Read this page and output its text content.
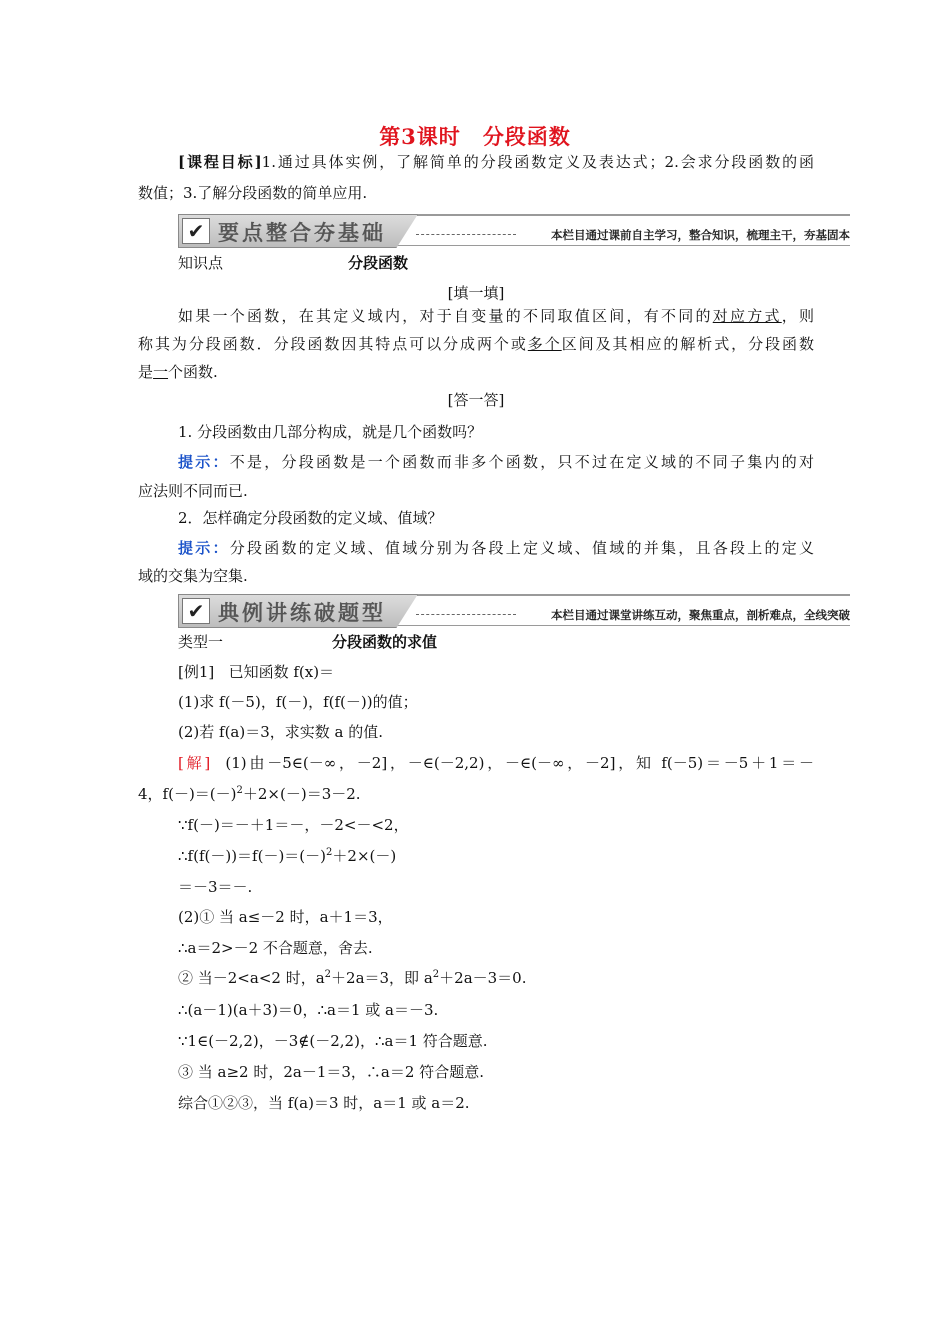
第3课时 分段函数
[课程目标]1.通过具体实例，了解简单的分段函数定义及表达式；2.会求分段函数的函
数值；3.了解分段函数的简单应用.
✔ 要点整合夯基础	本栏目通过课前自主学习，整合知识，梳理主干，夯基固本
知识点	分段函数
[填一填]
如果一个函数，在其定义域内，对于自变量的不同取值区间，有不同的对应方式，则
称其为分段函数．分段函数因其特点可以分成两个或多个区间及其相应的解析式，分段函数
是一个函数.
[答一答]
1. 分段函数由几部分构成，就是几个函数吗？
提示：不是，分段函数是一个函数而非多个函数，只不过在定义域的不同子集内的对
应法则不同而已.
2．怎样确定分段函数的定义域、值域？
提示：分段函数的定义域、值域分别为各段上定义域、值域的并集，且各段上的定义
域的交集为空集.
✔ 典例讲练破题型	本栏目通过课堂讲练互动，聚焦重点，剖析难点，全线突破
类型一	分段函数的求值
[例1] 已知函数 f(x)＝
(1)求 f(－5)，f(－)，f(f(－))的值；
(2)若 f(a)＝3，求实数 a 的值.
[解] (1)由－5∈(－∞，－2]，－∈(－2,2)，－∈(－∞，－2]，知 f(－5)＝－5＋1＝－
4，$f(-)=(-)^2+2\times(-)=3-2$.
∵f(－)＝－＋1＝－，－2<－<2，
$\therefore f(f(-))=f(-)=(-)^2+2\times(-)$
＝－3＝－.
(2)① 当 a≤－2 时，a＋1＝3，
∴a＝2>－2 不合题意，舍去.
② 当－2<a<2 时，$a^2+2a=3$，即 $a^2+2a-3=0$.
∴(a－1)(a＋3)＝0，∴a＝1 或 a＝－3.
∵1∈(－2,2)，－3∉(－2,2)，∴a＝1 符合题意.
③ 当 a≥2 时，2a－1＝3，∴a＝2 符合题意.
综合①②③，当 f(a)＝3 时，a＝1 或 a＝2.
